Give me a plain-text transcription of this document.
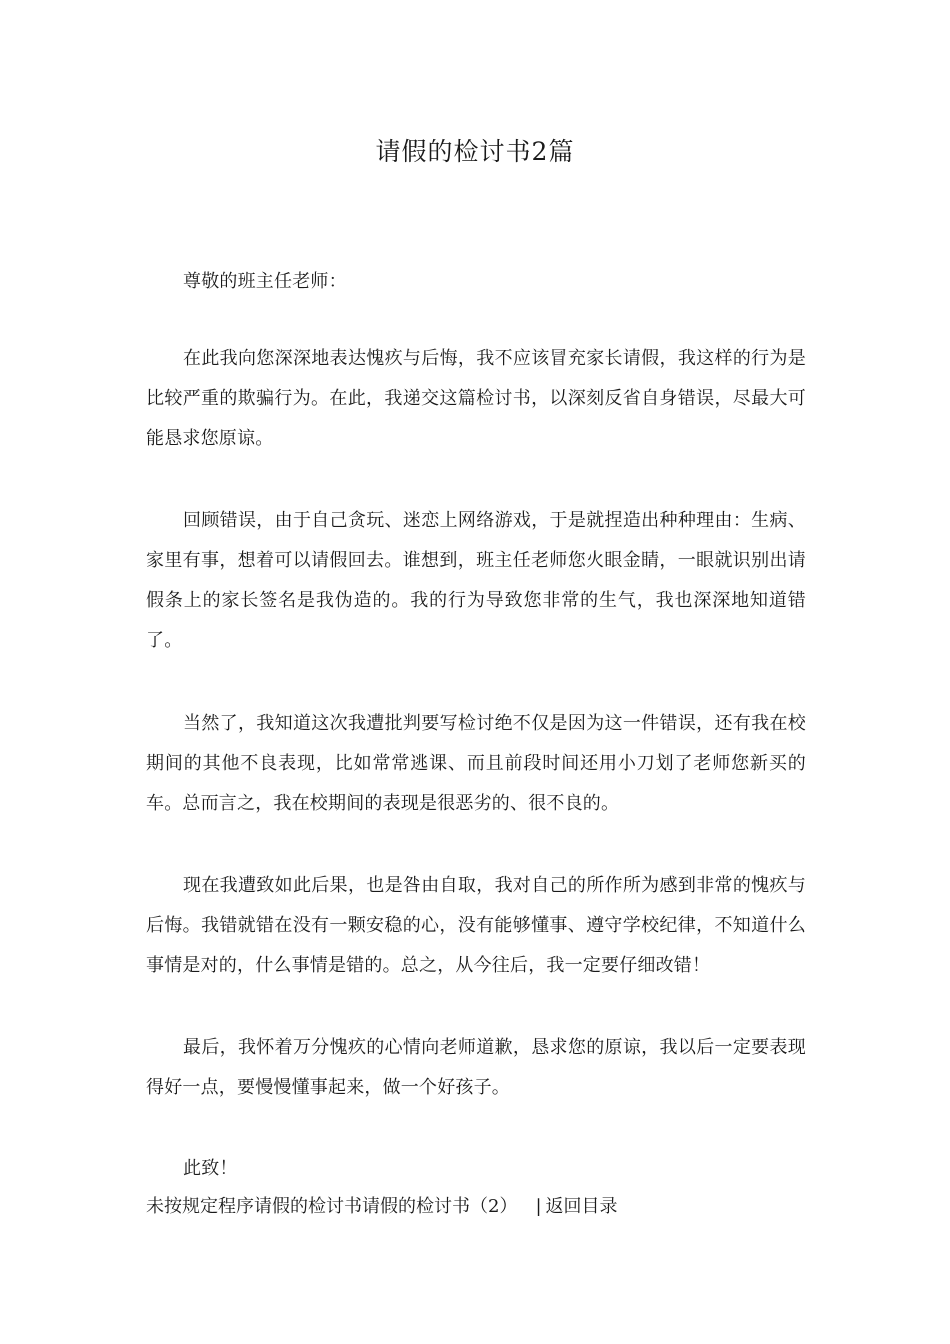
请假的检讨书2篇
尊敬的班主任老师：

在此我向您深深地表达愧疚与后悔，我不应该冒充家长请假，我这样的行为是比较严重的欺骗行为。在此，我递交这篇检讨书，以深刻反省自身错误，尽最大可能恳求您原谅。

回顾错误，由于自己贪玩、迷恋上网络游戏，于是就捏造出种种理由：生病、家里有事，想着可以请假回去。谁想到，班主任老师您火眼金睛，一眼就识别出请假条上的家长签名是我伪造的。我的行为导致您非常的生气，我也深深地知道错了。

当然了，我知道这次我遭批判要写检讨绝不仅是因为这一件错误，还有我在校期间的其他不良表现，比如常常逃课、而且前段时间还用小刀划了老师您新买的车。总而言之，我在校期间的表现是很恶劣的、很不良的。

现在我遭致如此后果，也是咎由自取，我对自己的所作所为感到非常的愧疚与后悔。我错就错在没有一颗安稳的心，没有能够懂事、遵守学校纪律，不知道什么事情是对的，什么事情是错的。总之，从今往后，我一定要仔细改错！

最后，我怀着万分愧疚的心情向老师道歉，恳求您的原谅，我以后一定要表现得好一点，要慢慢懂事起来，做一个好孩子。

此致！
未按规定程序请假的检讨书请假的检讨书（2） | 返回目录
